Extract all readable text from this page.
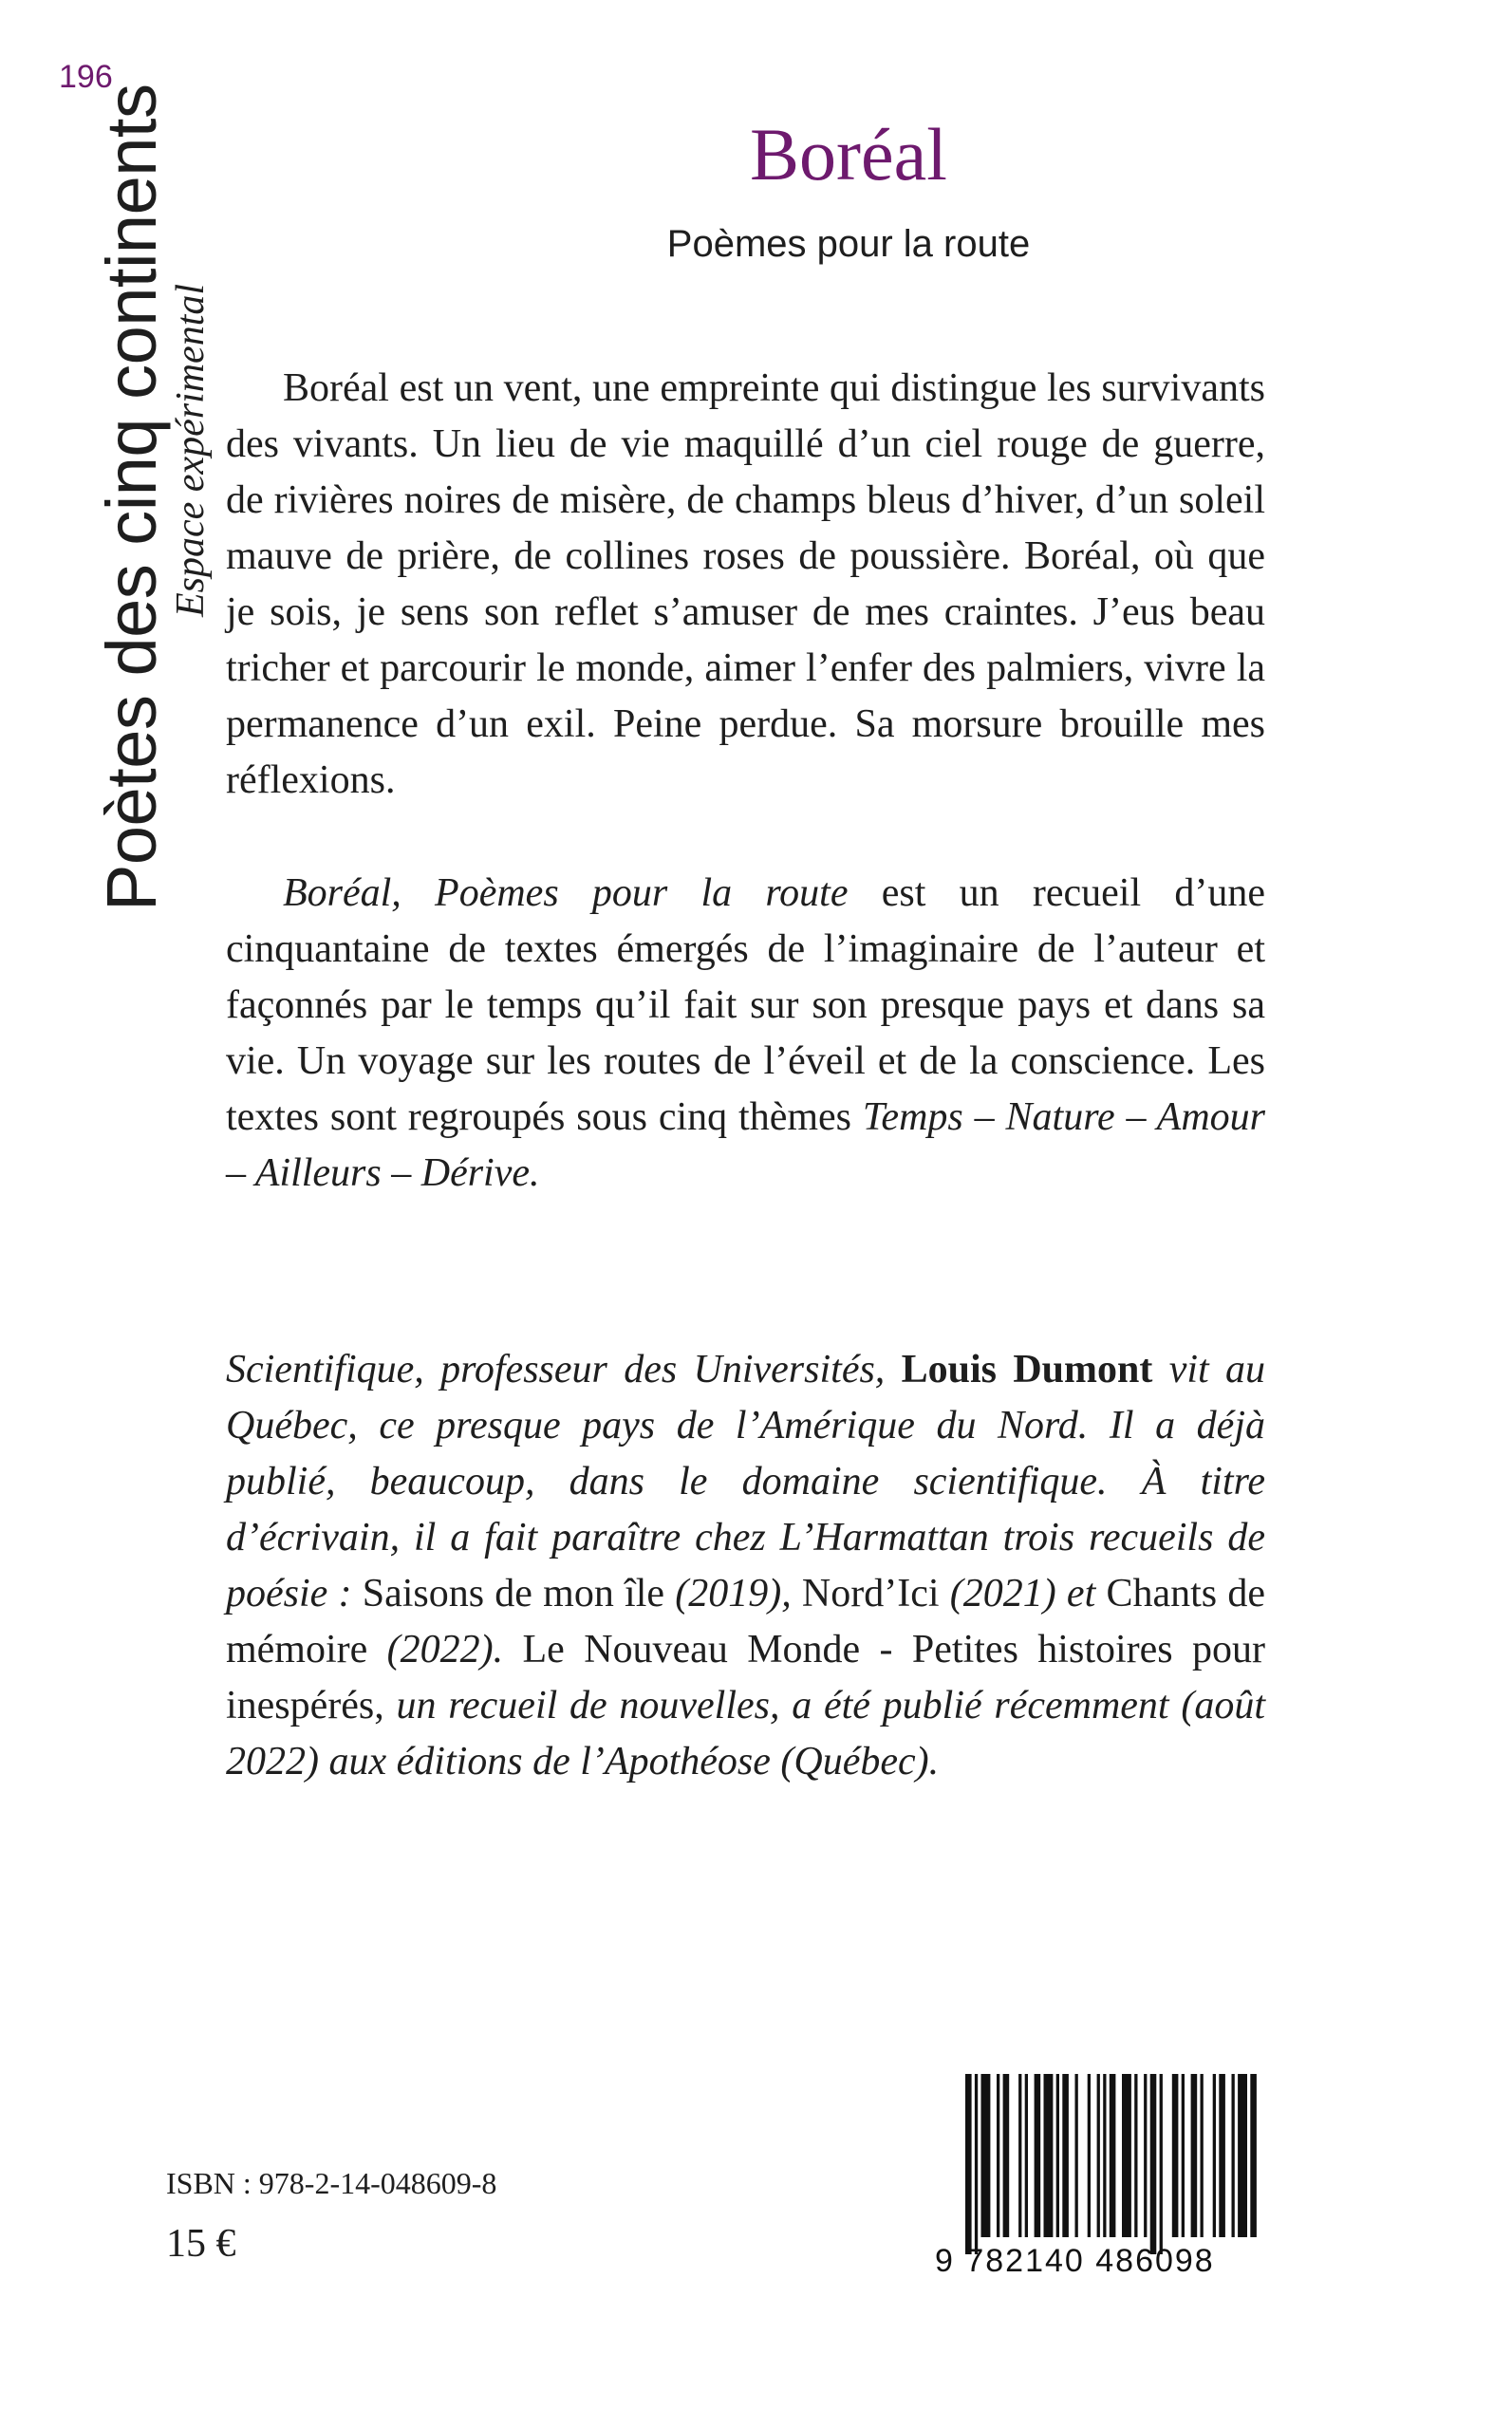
196
Poètes des cinq continents
Espace expérimental
Boréal
Poèmes pour la route
Boréal est un vent, une empreinte qui distingue les survivants des vivants. Un lieu de vie maquillé d’un ciel rouge de guerre, de rivières noires de misère, de champs bleus d’hiver, d’un soleil mauve de prière, de collines roses de poussière. Boréal, où que je sois, je sens son reflet s’amuser de mes craintes. J’eus beau tricher et parcourir le monde, aimer l’enfer des palmiers, vivre la permanence d’un exil. Peine perdue. Sa morsure brouille mes réflexions.
Boréal, Poèmes pour la route est un recueil d’une cinquantaine de textes émergés de l’imaginaire de l’auteur et façonnés par le temps qu’il fait sur son presque pays et dans sa vie. Un voyage sur les routes de l’éveil et de la conscience. Les textes sont regroupés sous cinq thèmes Temps – Nature – Amour – Ailleurs – Dérive.
Scientifique, professeur des Universités, Louis Dumont vit au Québec, ce presque pays de l’Amérique du Nord. Il a déjà publié, beaucoup, dans le domaine scientifique. À titre d’écrivain, il a fait paraître chez L’Harmattan trois recueils de poésie : Saisons de mon île (2019), Nord’Ici (2021) et Chants de mémoire (2022). Le Nouveau Monde - Petites histoires pour inespérés, un recueil de nouvelles, a été publié récemment (août 2022) aux éditions de l’Apothéose (Québec).
ISBN : 978-2-14-048609-8
15 €	9 782140 486098
